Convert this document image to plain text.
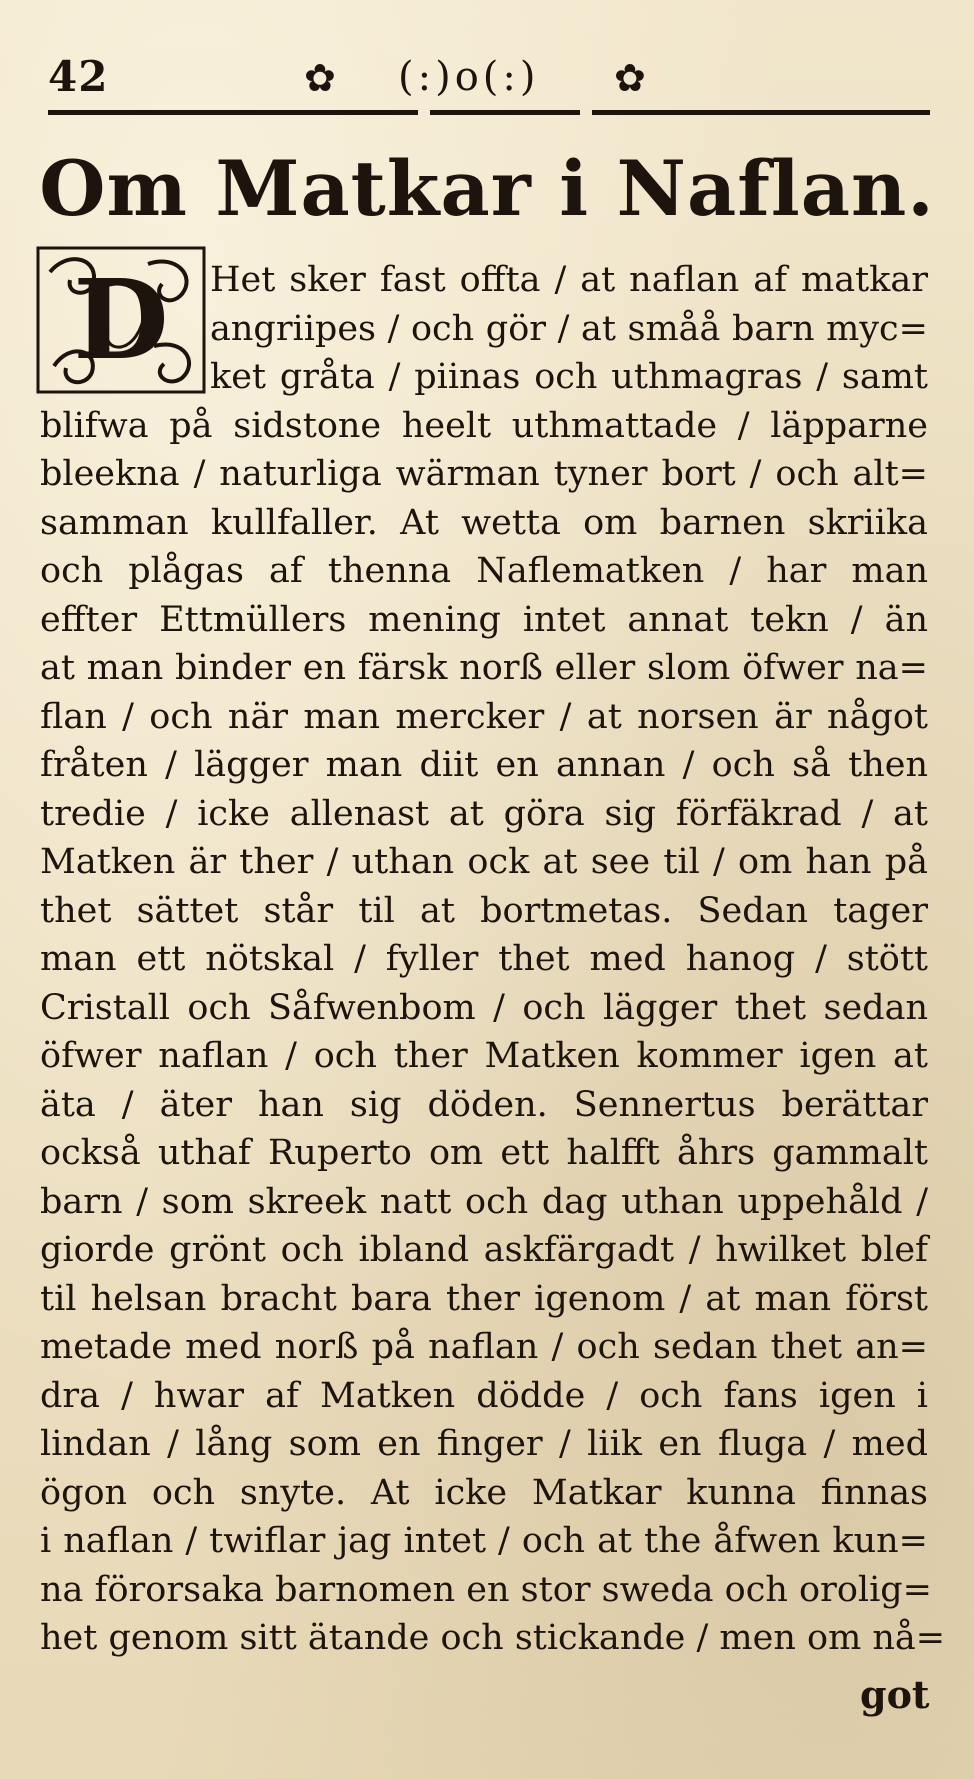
42	✿ (:)o(:) ✿
Om Matkar i Naflan.
D Het sker fast offta / at naflan af matkar
angriipes / och gör / at småå barn myc=
ket gråta / piinas och uthmagras / samt
blifwa på sidstone heelt uthmattade / läpparne
bleekna / naturliga wärman tyner bort / och alt=
samman kullfaller. At wetta om barnen skriika
och plågas af thenna Naflematken / har man
effter Ettmüllers mening intet annat tekn / än
at man binder en färsk norß eller slom öfwer na=
flan / och när man mercker / at norsen är något
fråten / lägger man diit en annan / och så then
tredie / icke allenast at göra sig förfäkrad / at
Matken är ther / uthan ock at see til / om han på
thet sättet står til at bortmetas. Sedan tager
man ett nötskal / fyller thet med hanog / stött
Cristall och Såfwenbom / och lägger thet sedan
öfwer naflan / och ther Matken kommer igen at
äta / äter han sig döden. Sennertus berättar
också uthaf Ruperto om ett halfft åhrs gammalt
barn / som skreek natt och dag uthan uppehåld /
giorde grönt och ibland askfärgadt / hwilket blef
til helsan bracht bara ther igenom / at man först
metade med norß på naflan / och sedan thet an=
dra / hwar af Matken dödde / och fans igen i
lindan / lång som en finger / liik en fluga / med
ögon och snyte. At icke Matkar kunna finnas
i naflan / twiflar jag intet / och at the åfwen kun=
na förorsaka barnomen en stor sweda och orolig=
het genom sitt ätande och stickande / men om nå=
got
